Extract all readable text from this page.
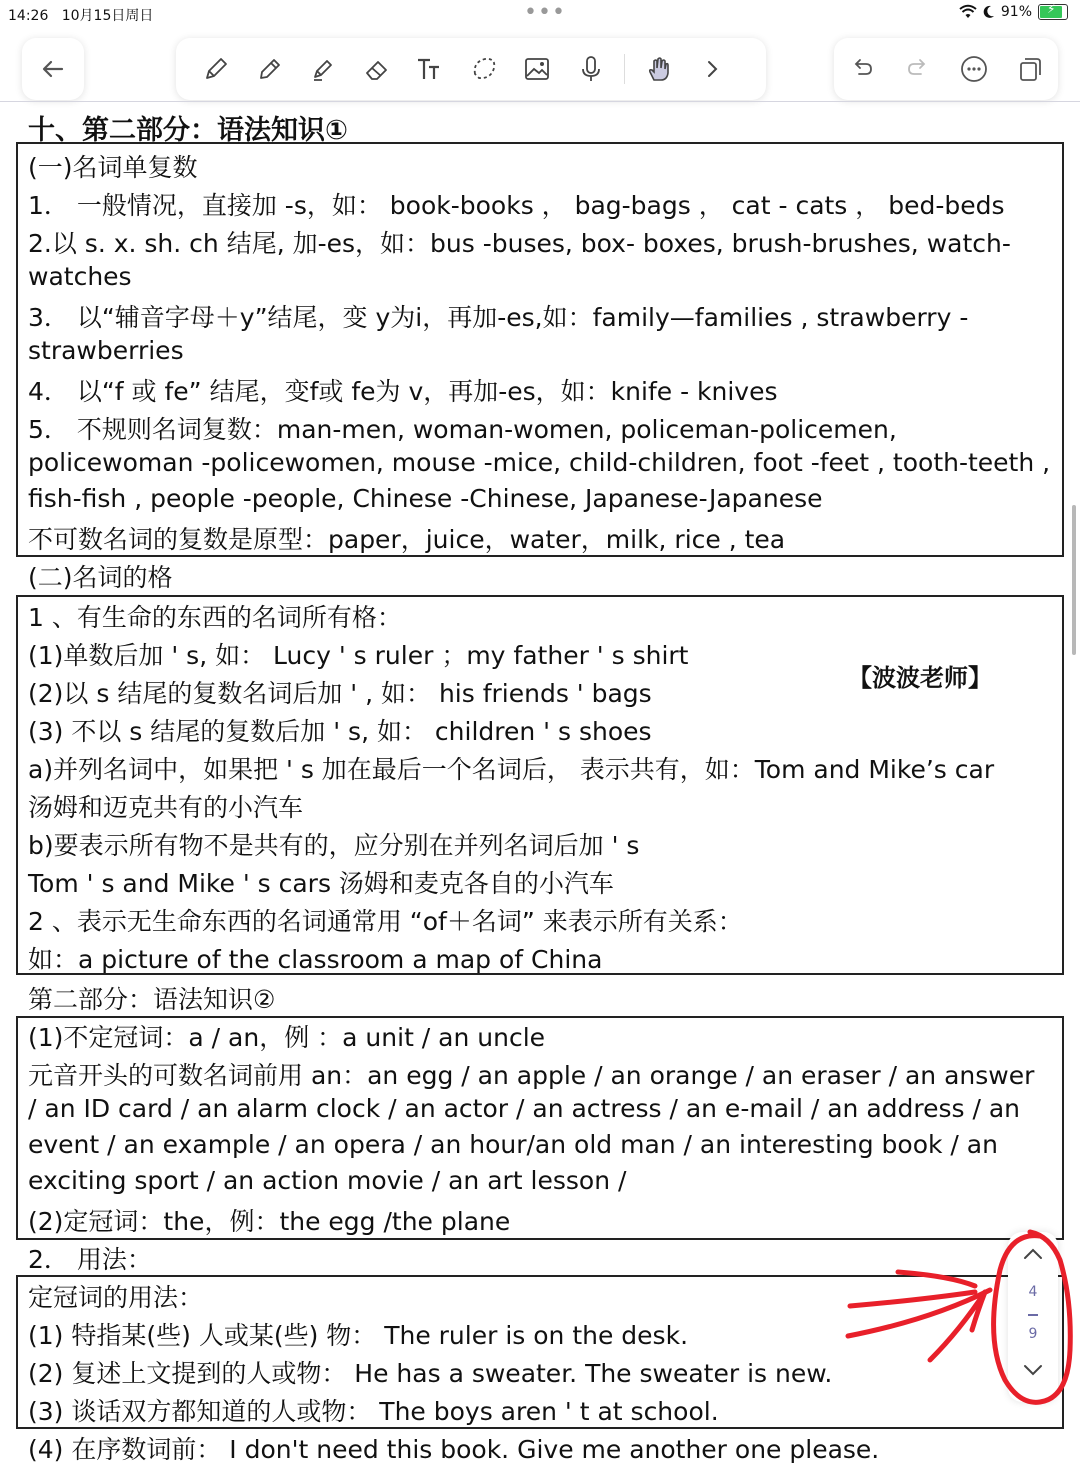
14:26 10月15日周日	•••	91% ⚡
十、第二部分：语法知识①
(一)名词单复数
1． 一般情况，直接加 -s，如： book-books ， bag-bags ， cat - cats ， bed-beds
2.以 s. x. sh. ch 结尾, 加-es，如：bus -buses, box- boxes, brush-brushes, watch-
watches
3． 以“辅音字母＋y”结尾，变 y为i，再加-es,如：family—families , strawberry -
strawberries
4． 以“f 或 fe” 结尾，变f或 fe为 v，再加-es，如：knife - knives
5． 不规则名词复数：man-men, woman-women, policeman-policemen,
policewoman -policewomen, mouse -mice, child-children, foot -feet , tooth-teeth ,
fish-fish , people -people, Chinese -Chinese, Japanese-Japanese
不可数名词的复数是原型：paper，juice，water，milk, rice , tea
(二)名词的格
1 、有生命的东西的名词所有格：
(1)单数后加 ' s, 如： Lucy ' s ruler ；my father ' s shirt
(2)以 s 结尾的复数名词后加 ' , 如： his friends ' bags
(3) 不以 s 结尾的复数后加 ' s, 如： children ' s shoes
a)并列名词中，如果把 ' s 加在最后一个名词后， 表示共有，如：Tom and Mike’s car
汤姆和迈克共有的小汽车
b)要表示所有物不是共有的，应分别在并列名词后加 ' s
Tom ' s and Mike ' s cars 汤姆和麦克各自的小汽车
2 、表示无生命东西的名词通常用 “of＋名词” 来表示所有关系：
如：a picture of the classroom a map of China
【波波老师】
第二部分：语法知识②
(1)不定冠词：a / an，例 ：a unit / an uncle
元音开头的可数名词前用 an：an egg / an apple / an orange / an eraser / an answer
/ an ID card / an alarm clock / an actor / an actress / an e-mail / an address / an
event / an example / an opera / an hour/an old man / an interesting book / an
exciting sport / an action movie / an art lesson /
(2)定冠词：the，例：the egg /the plane
2． 用法：
定冠词的用法：
(1) 特指某(些) 人或某(些) 物： The ruler is on the desk.
(2) 复述上文提到的人或物： He has a sweater. The sweater is new.
(3) 谈话双方都知道的人或物： The boys aren ' t at school.
(4) 在序数词前： I don't need this book. Give me another one please.
4
9
